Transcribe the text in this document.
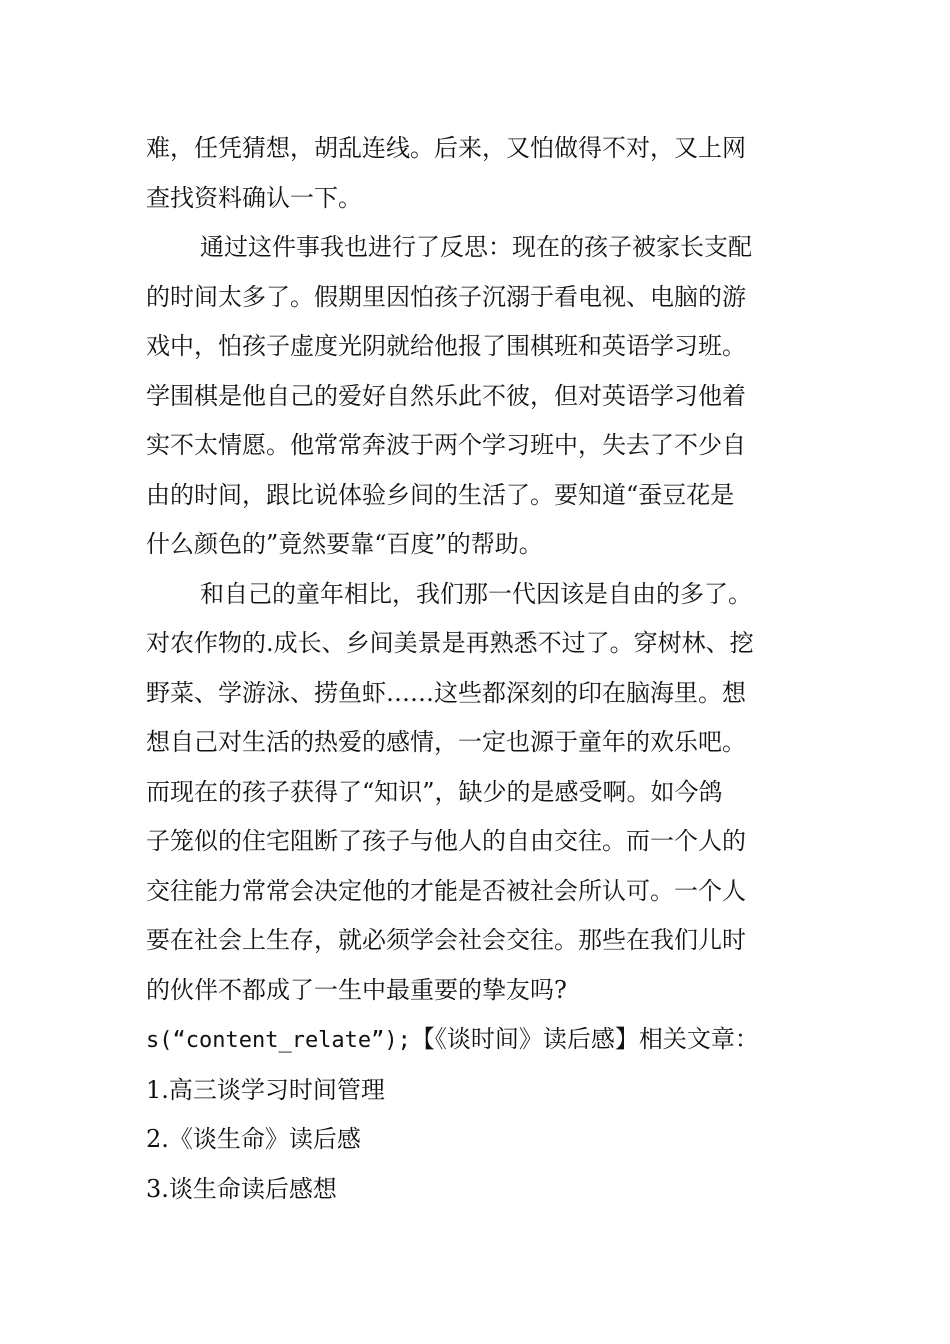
难，任凭猜想，胡乱连线。后来，又怕做得不对，又上网
查找资料确认一下。
通过这件事我也进行了反思：现在的孩子被家长支配
的时间太多了。假期里因怕孩子沉溺于看电视、电脑的游
戏中，怕孩子虚度光阴就给他报了围棋班和英语学习班。
学围棋是他自己的爱好自然乐此不彼，但对英语学习他着
实不太情愿。他常常奔波于两个学习班中，失去了不少自
由的时间，跟比说体验乡间的生活了。要知道“蚕豆花是
什么颜色的”竟然要靠“百度”的帮助。
和自己的童年相比，我们那一代因该是自由的多了。
对农作物的.成长、乡间美景是再熟悉不过了。穿树林、挖
野菜、学游泳、捞鱼虾……这些都深刻的印在脑海里。想
想自己对生活的热爱的感情，一定也源于童年的欢乐吧。
而现在的孩子获得了“知识”，缺少的是感受啊。如今鸽
子笼似的住宅阻断了孩子与他人的自由交往。而一个人的
交往能力常常会决定他的才能是否被社会所认可。一个人
要在社会上生存，就必须学会社会交往。那些在我们儿时
的伙伴不都成了一生中最重要的挚友吗?
s(“content_relate”);【《谈时间》读后感】相关文章：
1.高三谈学习时间管理
2.《谈生命》读后感
3.谈生命读后感想
